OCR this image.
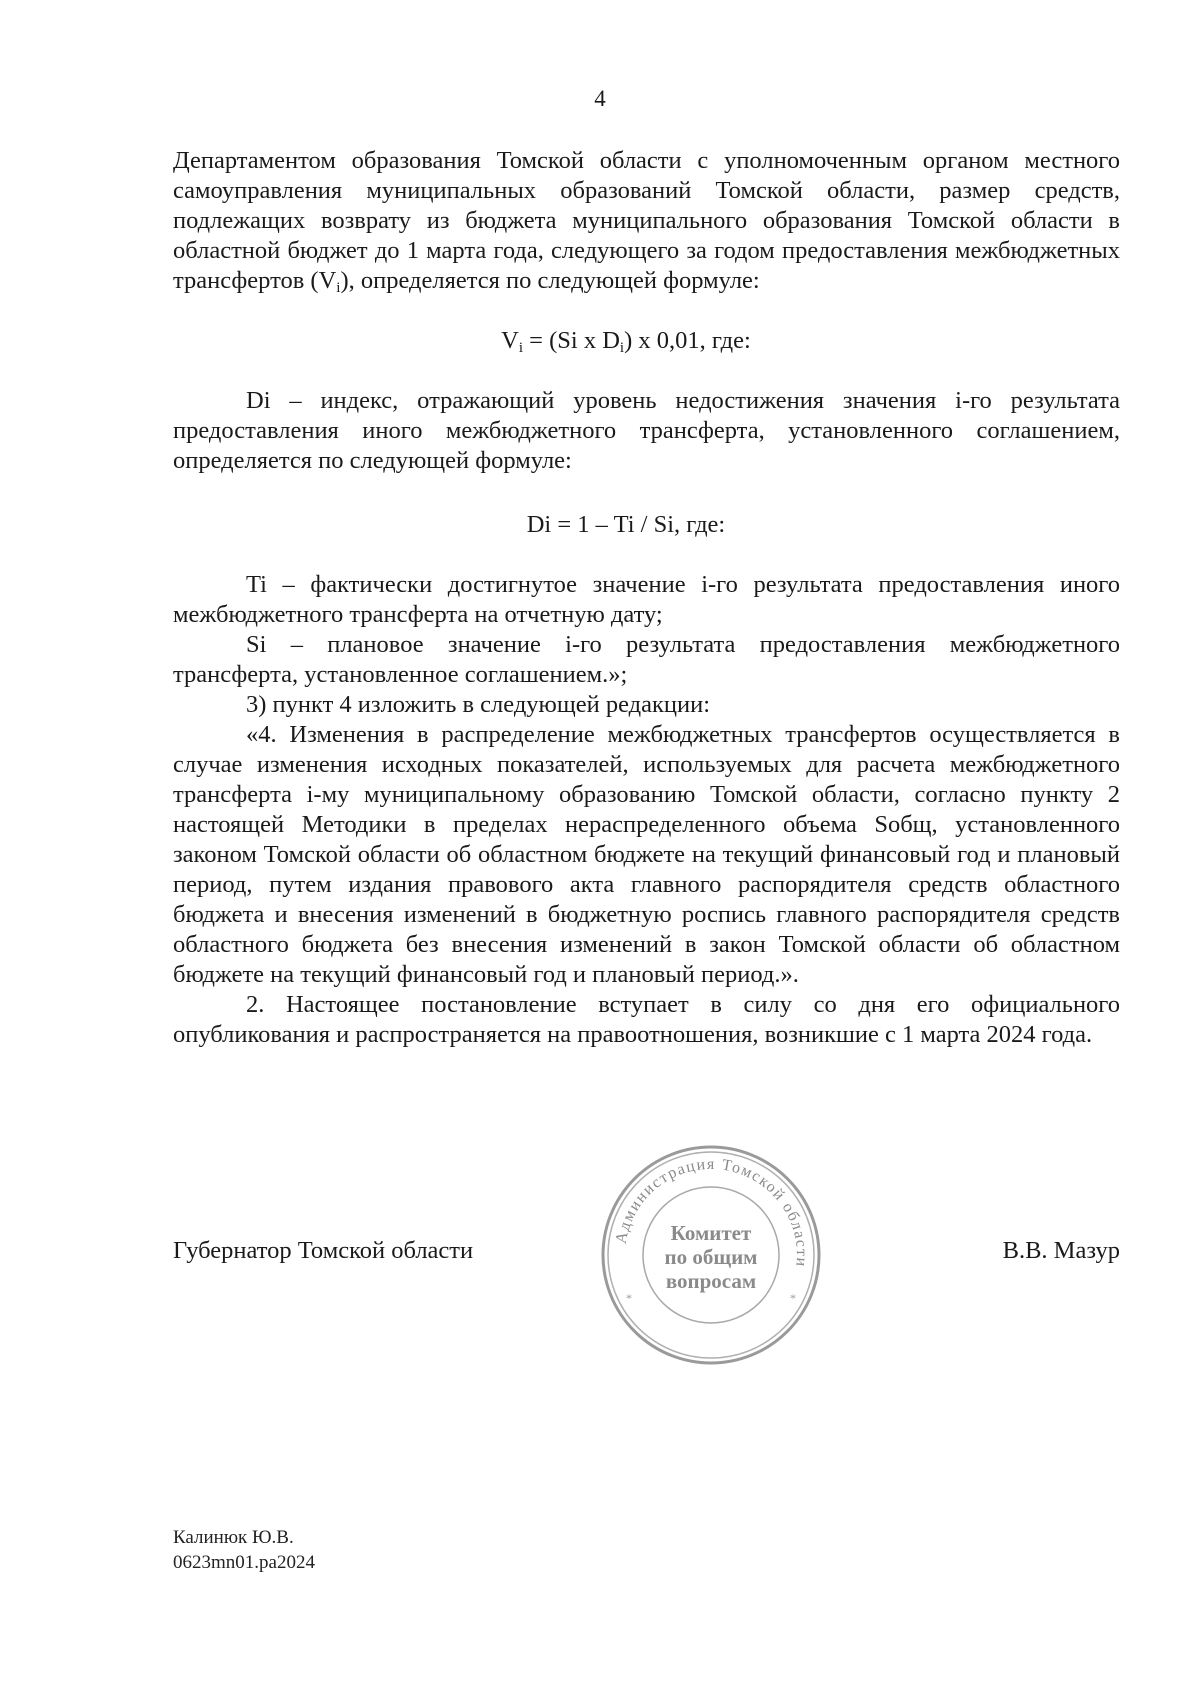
4

Департаментом образования Томской области с уполномоченным органом местного самоуправления муниципальных образований Томской области, размер средств, подлежащих возврату из бюджета муниципального образования Томской области в областной бюджет до 1 марта года, следующего за годом предоставления межбюджетных трансфертов $(V_i)$, определяется по следующей формуле:

$V_i = (Si$ x $D_i$) x 0,01, где:

Di – индекс, отражающий уровень недостижения значения i-го результата предоставления иного межбюджетного трансферта, установленного соглашением, определяется по следующей формуле:

Di = 1 – Ti / Si, где:

Ti – фактически достигнутое значение i-го результата предоставления иного межбюджетного трансферта на отчетную дату;

Si – плановое значение i-го результата предоставления межбюджетного трансферта, установленное соглашением.»;

3) пункт 4 изложить в следующей редакции:

«4. Изменения в распределение межбюджетных трансфертов осуществляется в случае изменения исходных показателей, используемых для расчета межбюджетного трансферта i-му муниципальному образованию Томской области, согласно пункту 2 настоящей Методики в пределах нераспределенного объема Sобщ, установленного законом Томской области об областном бюджете на текущий финансовый год и плановый период, путем издания правового акта главного распорядителя средств областного бюджета и внесения изменений в бюджетную роспись главного распорядителя средств областного бюджета без внесения изменений в закон Томской области об областном бюджете на текущий финансовый год и плановый период.».

2. Настоящее постановление вступает в силу со дня его официального опубликования и распространяется на правоотношения, возникшие с 1 марта 2024 года.

Администрация Томской области
Комитет
по общим
вопросам
*	*
Губернатор Томской области	В.В. Мазур
Калинюк Ю.В.
0623mn01.pa2024
